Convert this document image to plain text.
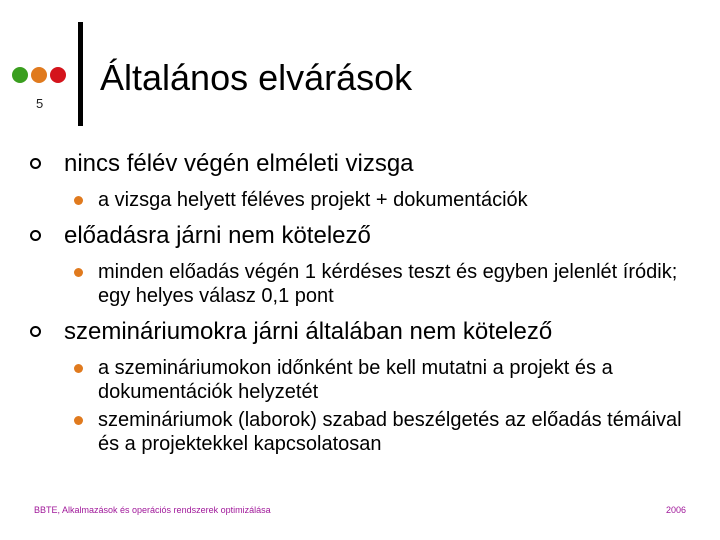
5
Általános elvárások
nincs félév végén elméleti vizsga
a vizsga helyett féléves projekt + dokumentációk
előadásra járni nem kötelező
minden előadás végén 1 kérdéses teszt és egyben jelenlét íródik; egy helyes válasz 0,1 pont
szemináriumokra járni általában nem kötelező
a szemináriumokon időnként be kell mutatni a projekt és a dokumentációk helyzetét
szemináriumok (laborok) szabad beszélgetés az előadás témáival és a projektekkel kapcsolatosan
BBTE, Alkalmazások és operációs rendszerek optimizálása	2006
